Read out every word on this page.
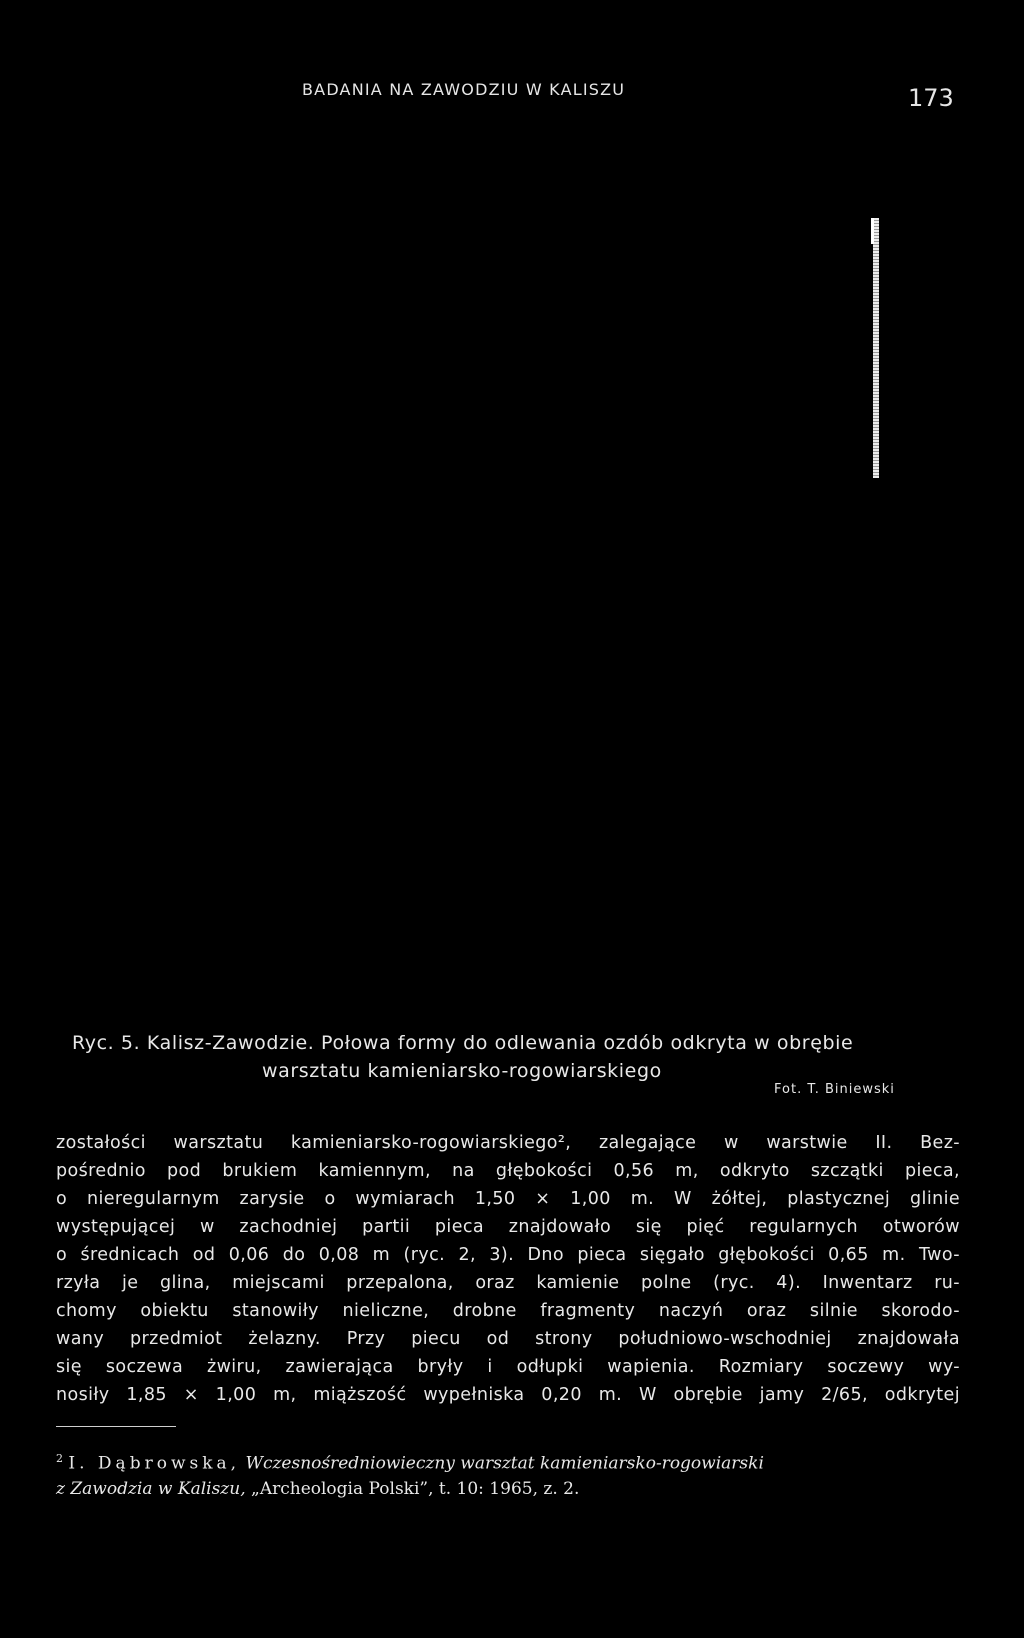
BADANIA NA ZAWODZIU W KALISZU	173
Ryc. 5. Kalisz-Zawodzie. Połowa formy do odlewania ozdób odkryta w obrębie
warsztatu kamieniarsko-rogowiarskiego
Fot. T. Biniewski
zostałości warsztatu kamieniarsko-rogowiarskiego², zalegające w warstwie II. Bez-
pośrednio pod brukiem kamiennym, na głębokości 0,56 m, odkryto szczątki pieca,
o nieregularnym zarysie o wymiarach 1,50 × 1,00 m. W żółtej, plastycznej glinie
występującej w zachodniej partii pieca znajdowało się pięć regularnych otworów
o średnicach od 0,06 do 0,08 m (ryc. 2, 3). Dno pieca sięgało głębokości 0,65 m. Two-
rzyła je glina, miejscami przepalona, oraz kamienie polne (ryc. 4). Inwentarz ru-
chomy obiektu stanowiły nieliczne, drobne fragmenty naczyń oraz silnie skorodo-
wany przedmiot żelazny. Przy piecu od strony południowo-wschodniej znajdowała
się soczewa żwiru, zawierająca bryły i odłupki wapienia. Rozmiary soczewy wy-
nosiły 1,85 × 1,00 m, miąższość wypełniska 0,20 m. W obrębie jamy 2/65, odkrytej
$^2$ I. Dąbrowska, Wczesnośredniowieczny warsztat kamieniarsko-rogowiarski
z Zawodzia w Kaliszu, „Archeologia Polski”, t. 10: 1965, z. 2.
